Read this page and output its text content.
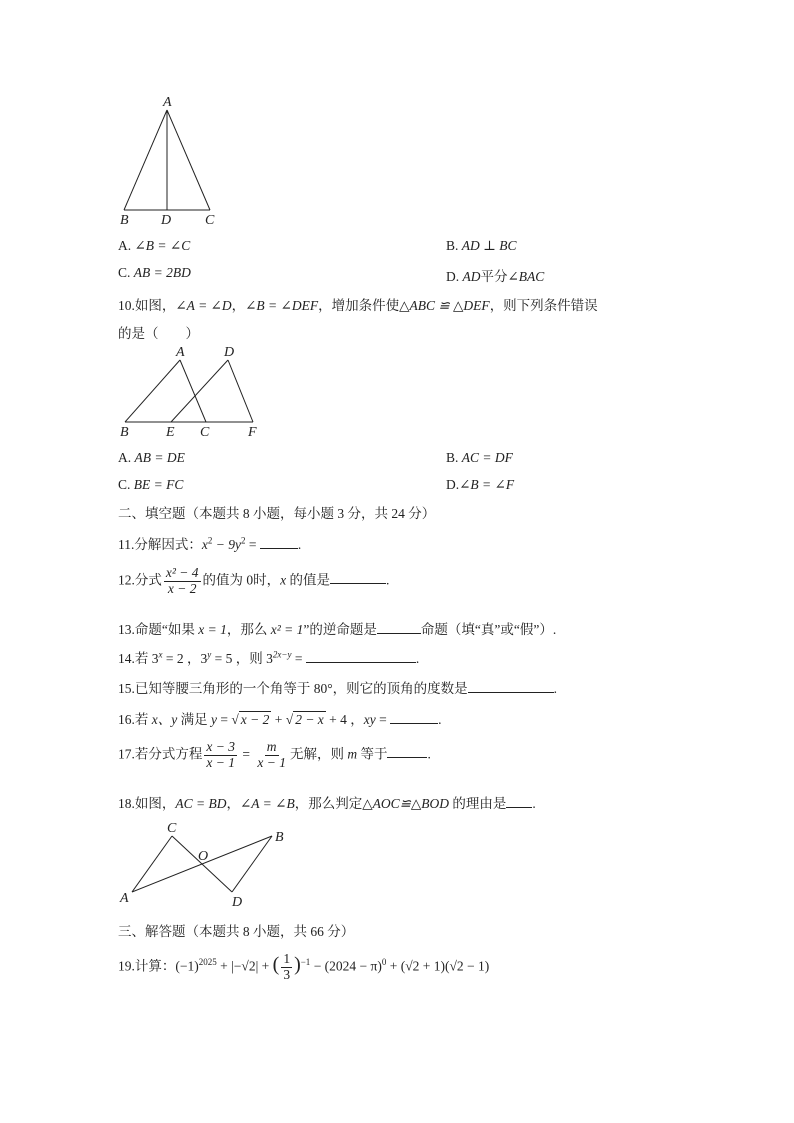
A
B D C
A. ∠B = ∠C	B. AD ⊥ BC
C. AB = 2BD	D. AD平分∠BAC
10.如图，∠A = ∠D，∠B = ∠DEF，增加条件使△ABC ≌ △DEF，则下列条件错误
的是（　　）
A	D
B	E C	F
A. AB = DE	B. AC = DF
C. BE = FC	D.∠B = ∠F
二、填空题（本题共 8 小题，每小题 3 分，共 24 分）
11.分解因式：$x^2 - 9y^2$ =	.
12.分式 $\frac{\text{x² − 4}}{x - 2}$ 的值为 0时，x 的值是	.
13.命题“如果 x = 1，那么 x² = 1”的逆命题是	命题（填“真”或“假”）.
14.若 $3^x = 2$ ，$3^y = 5$ ，则 $3^{2x-y}$ =	.
15.已知等腰三角形的一个角等于 80°，则它的顶角的度数是	.
16.若 x、y 满足 y = √ x − 2 + √ 2 − x + 4 ，xy =	.
17.若分式方程 $\frac{x - 3}{x - 1} = \frac{m}{x - 1}$ 无解，则 m 等于	.
18.如图，AC = BD，∠A = ∠B，那么判定△AOC≌△BOD 的理由是 .
C
B
O
A	D
三、解答题（本题共 8 小题，共 66 分）
19.计算：$(-1)^{2025} + |-√2|$ + ( $\frac{1}{3} )^{-1} - (2024 - \pi)^0 + (√2 + 1)(√2 - 1)$
